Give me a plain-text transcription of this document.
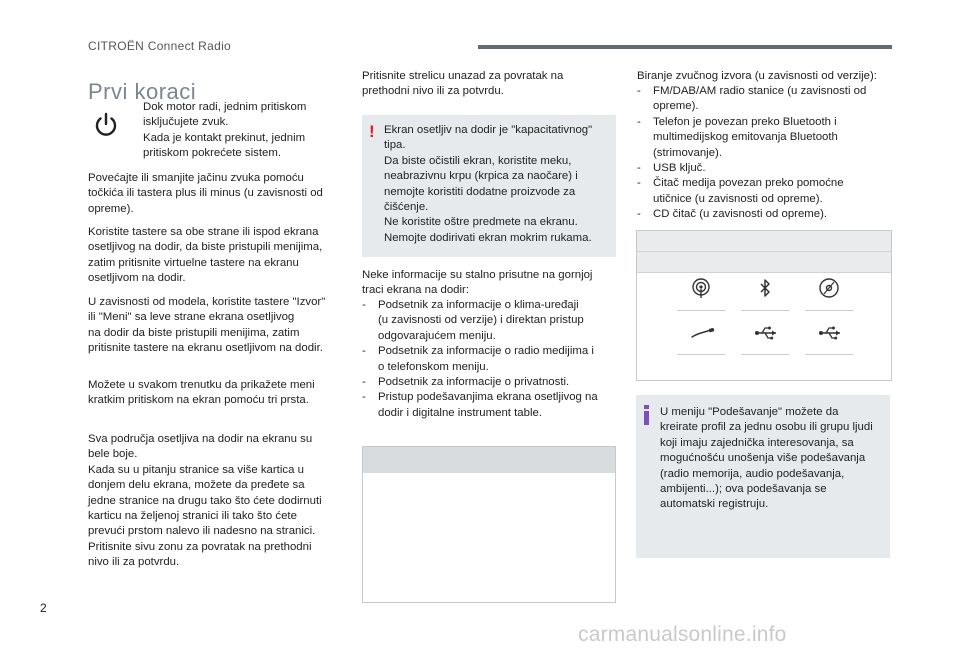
CITROËN Connect Radio
Prvi koraci
Dok motor radi, jednim pritiskom
isključujete zvuk.
Kada je kontakt prekinut, jednim
pritiskom pokrećete sistem.
Povećajte ili smanjite jačinu zvuka pomoću
točkića ili tastera plus ili minus (u zavisnosti od
opreme).
Koristite tastere sa obe strane ili ispod ekrana
osetljivog na dodir, da biste pristupili menijima,
zatim pritisnite virtuelne tastere na ekranu
osetljivom na dodir.
U zavisnosti od modela, koristite tastere "Izvor"
ili "Meni" sa leve strane ekrana osetljivog
na dodir da biste pristupili menijima, zatim
pritisnite tastere na ekranu osetljivom na dodir.
Možete u svakom trenutku da prikažete meni
kratkim pritiskom na ekran pomoću tri prsta.
Sva područja osetljiva na dodir na ekranu su
bele boje.
Kada su u pitanju stranice sa više kartica u
donjem delu ekrana, možete da pređete sa
jedne stranice na drugu tako što ćete dodirnuti
karticu na željenoj stranici ili tako što ćete
prevući prstom nalevo ili nadesno na stranici.
Pritisnite sivu zonu za povratak na prethodni
nivo ili za potvrdu.
Pritisnite strelicu unazad za povratak na
prethodni nivo ili za potvrdu.
! Ekran osetljiv na dodir je "kapacitativnog"
tipa.
Da biste očistili ekran, koristite meku,
neabrazivnu krpu (krpica za naočare) i
nemojte koristiti dodatne proizvode za
čišćenje.
Ne koristite oštre predmete na ekranu.
Nemojte dodirivati ekran mokrim rukama.
Neke informacije su stalno prisutne na gornjoj
traci ekrana na dodir:
- Podsetnik za informacije o klima-uređaji
(u zavisnosti od verzije) i direktan pristup
odgovarajućem meniju.
- Podsetnik za informacije o radio medijima i
o telefonskom meniju.
- Podsetnik za informacije o privatnosti.
- Pristup podešavanjima ekrana osetljivog na
dodir i digitalne instrument table.
Biranje zvučnog izvora (u zavisnosti od verzije):
- FM/DAB/AM radio stanice (u zavisnosti od
opreme).
- Telefon je povezan preko Bluetooth i
multimedijskog emitovanja Bluetooth
(strimovanje).
- USB ključ.
- Čitač medija povezan preko pomoćne
utičnice (u zavisnosti od opreme).
- CD čitač (u zavisnosti od opreme).
U meniju "Podešavanje" možete da
kreirate profil za jednu osobu ili grupu ljudi
koji imaju zajednička interesovanja, sa
mogućnošću unošenja više podešavanja
(radio memorija, audio podešavanja,
ambijenti...); ova podešavanja se
automatski registruju.
2
carmanualsonline.info
